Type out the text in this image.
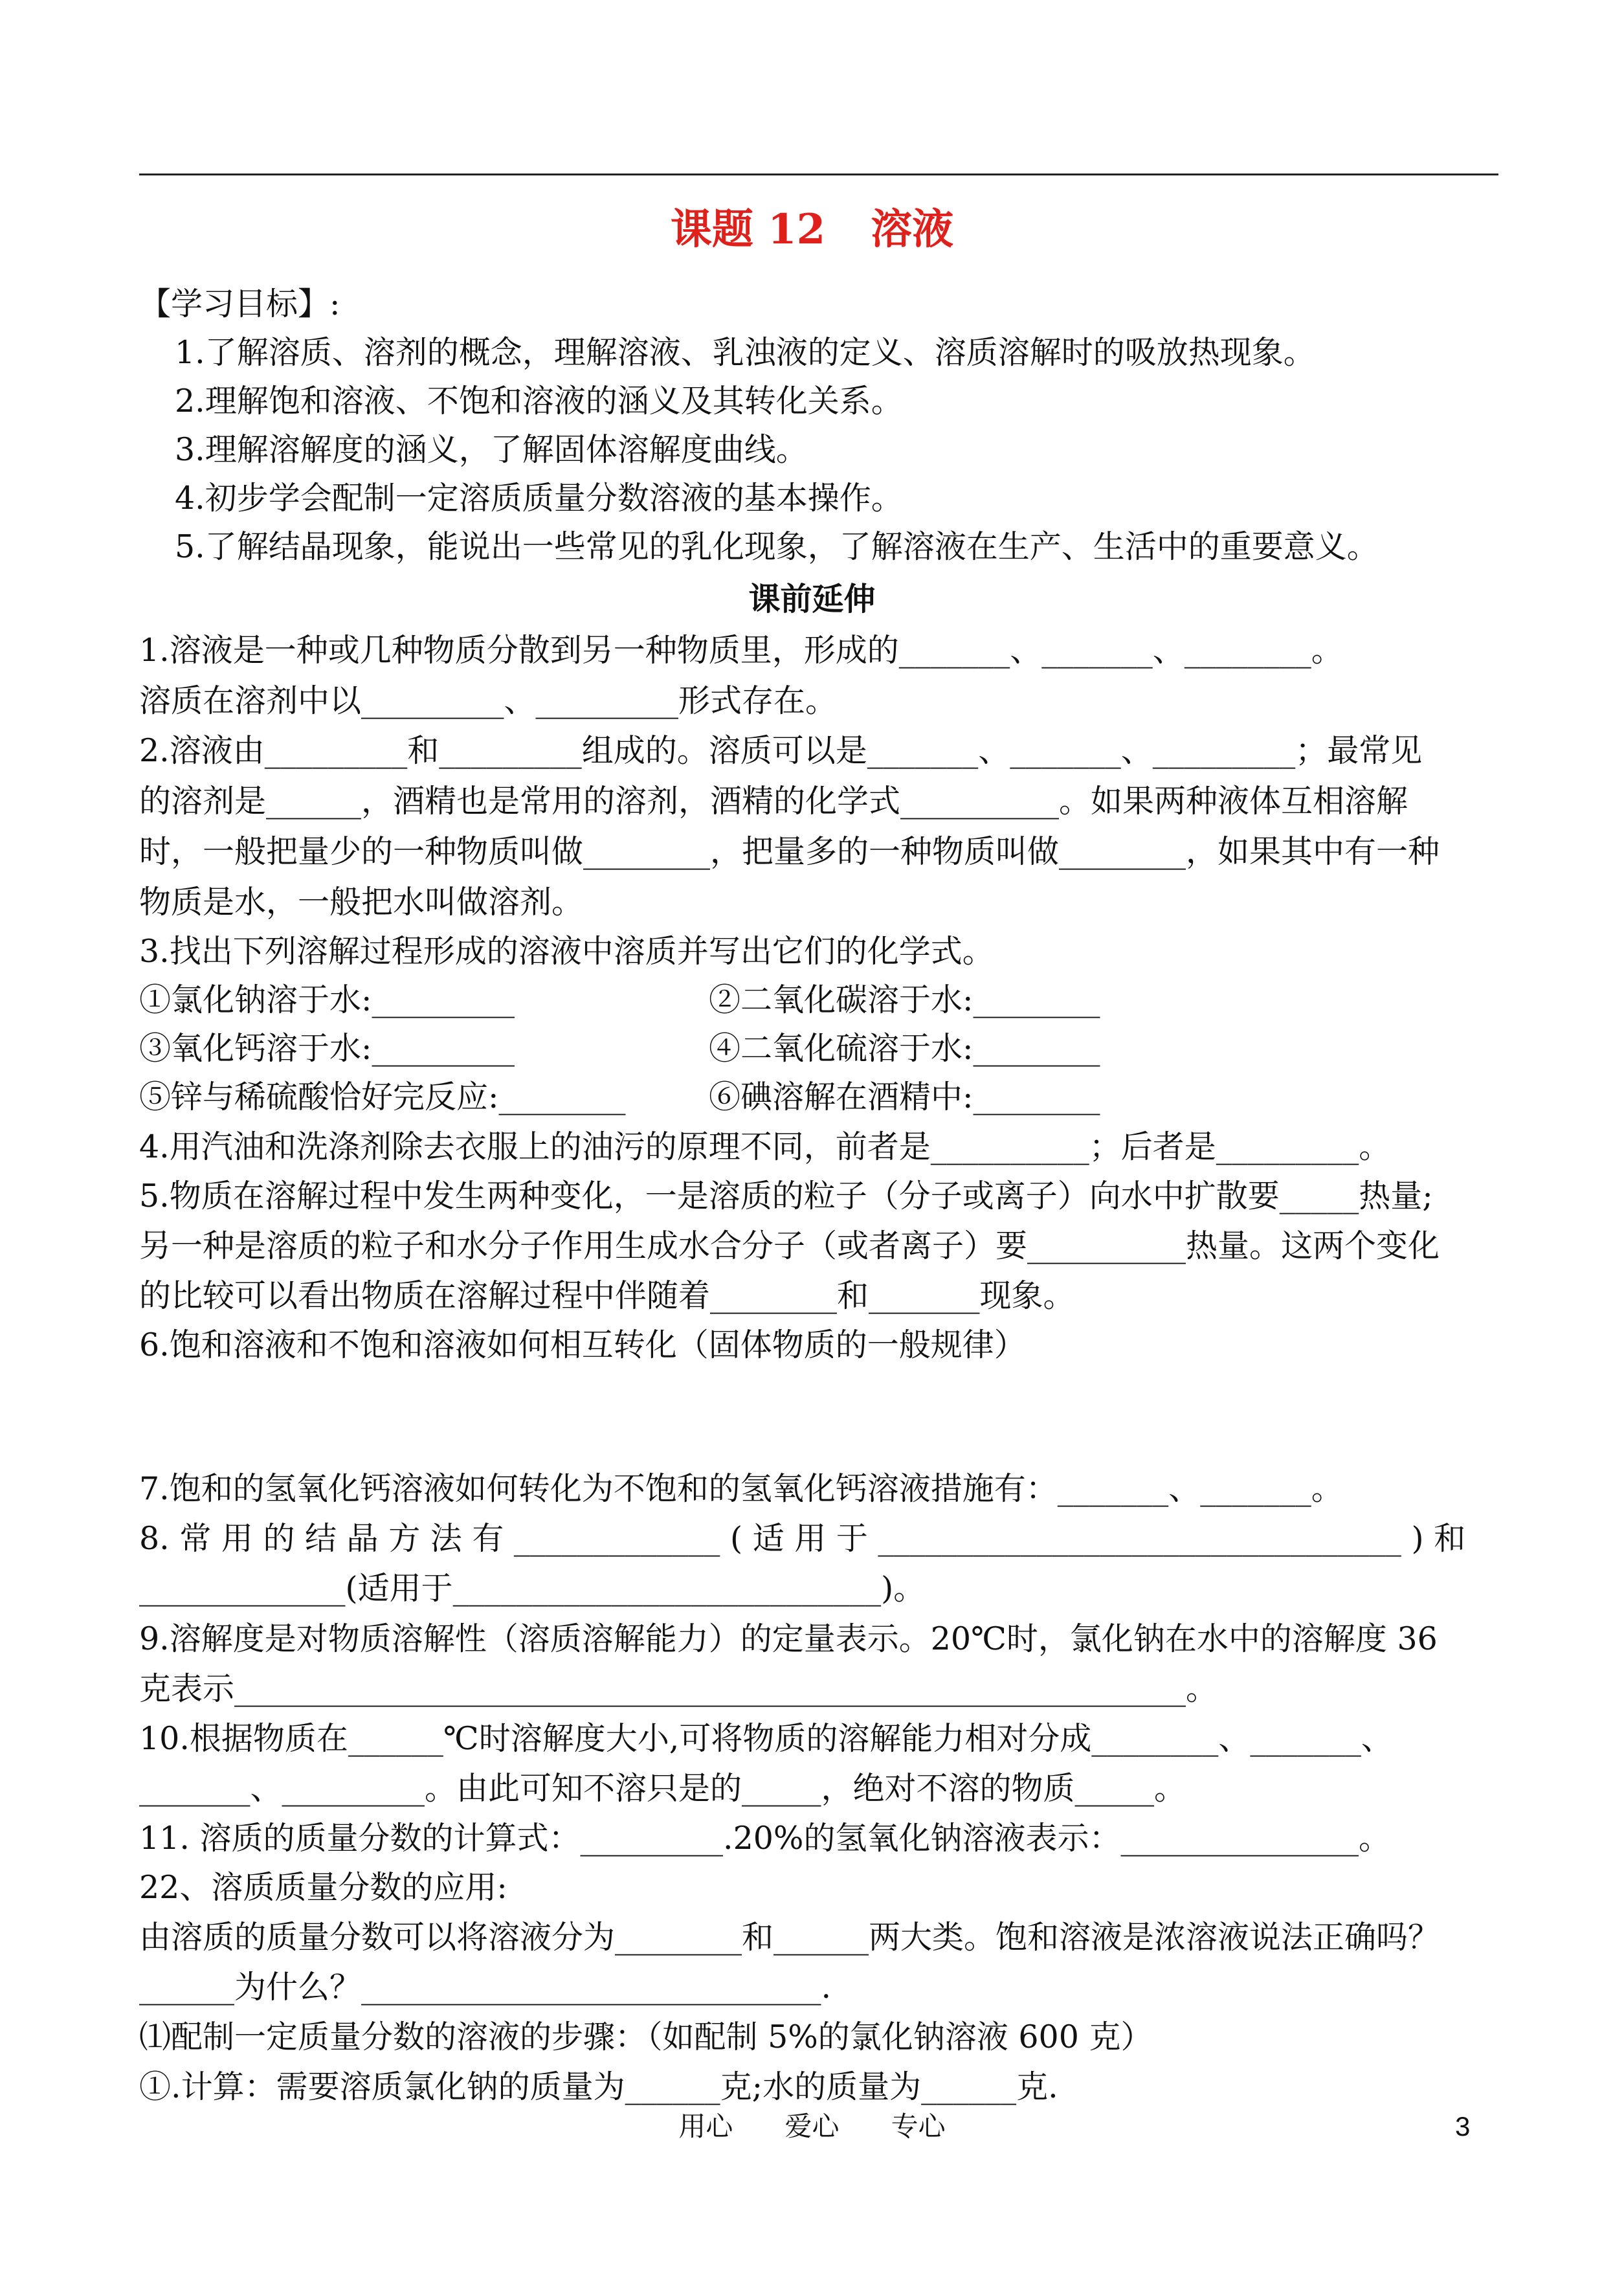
课题 12 溶液
【学习目标】:
1.了解溶质、溶剂的概念，理解溶液、乳浊液的定义、溶质溶解时的吸放热现象。
2.理解饱和溶液、不饱和溶液的涵义及其转化关系。
3.理解溶解度的涵义，了解固体溶解度曲线。
4.初步学会配制一定溶质质量分数溶液的基本操作。
5.了解结晶现象，能说出一些常见的乳化现象，了解溶液在生产、生活中的重要意义。
课前延伸
1.溶液是一种或几种物质分散到另一种物质里，形成的_______、_______、________。
溶质在溶剂中以_________、_________形式存在。
2.溶液由_________和_________组成的。溶质可以是_______、_______、_________；最常见
的溶剂是______，酒精也是常用的溶剂，酒精的化学式__________。如果两种液体互相溶解
时，一般把量少的一种物质叫做________，把量多的一种物质叫做________，如果其中有一种
物质是水，一般把水叫做溶剂。
3.找出下列溶解过程形成的溶液中溶质并写出它们的化学式。
①氯化钠溶于水:_________	②二氧化碳溶于水:________
③氧化钙溶于水:_________	④二氧化硫溶于水:________
⑤锌与稀硫酸恰好完反应:________	⑥碘溶解在酒精中:________
4.用汽油和洗涤剂除去衣服上的油污的原理不同，前者是__________；后者是_________。
5.物质在溶解过程中发生两种变化，一是溶质的粒子（分子或离子）向水中扩散要_____热量;
另一种是溶质的粒子和水分子作用生成水合分子（或者离子）要__________热量。这两个变化
的比较可以看出物质在溶解过程中伴随着________和_______现象。
6.饱和溶液和不饱和溶液如何相互转化（固体物质的一般规律）
7.饱和的氢氧化钙溶液如何转化为不饱和的氢氧化钙溶液措施有：_______、_______。
8. 常 用 的 结 晶 方 法 有 _____________ ( 适 用 于 _________________________________ ) 和
_____________(适用于___________________________)。
9.溶解度是对物质溶解性（溶质溶解能力）的定量表示。20℃时，氯化钠在水中的溶解度 36
克表示____________________________________________________________。
10.根据物质在______℃时溶解度大小,可将物质的溶解能力相对分成________、_______、
_______、_________。由此可知不溶只是的_____，绝对不溶的物质_____。
11. 溶质的质量分数的计算式：_________.20%的氢氧化钠溶液表示：_______________。
22、溶质质量分数的应用:
由溶质的质量分数可以将溶液分为________和______两大类。饱和溶液是浓溶液说法正确吗？
______为什么？_____________________________.
⑴配制一定质量分数的溶液的步骤：（如配制 5%的氯化钠溶液 600 克）
①.计算：需要溶质氯化钠的质量为______克;水的质量为______克.
用心      爱心      专心	3
